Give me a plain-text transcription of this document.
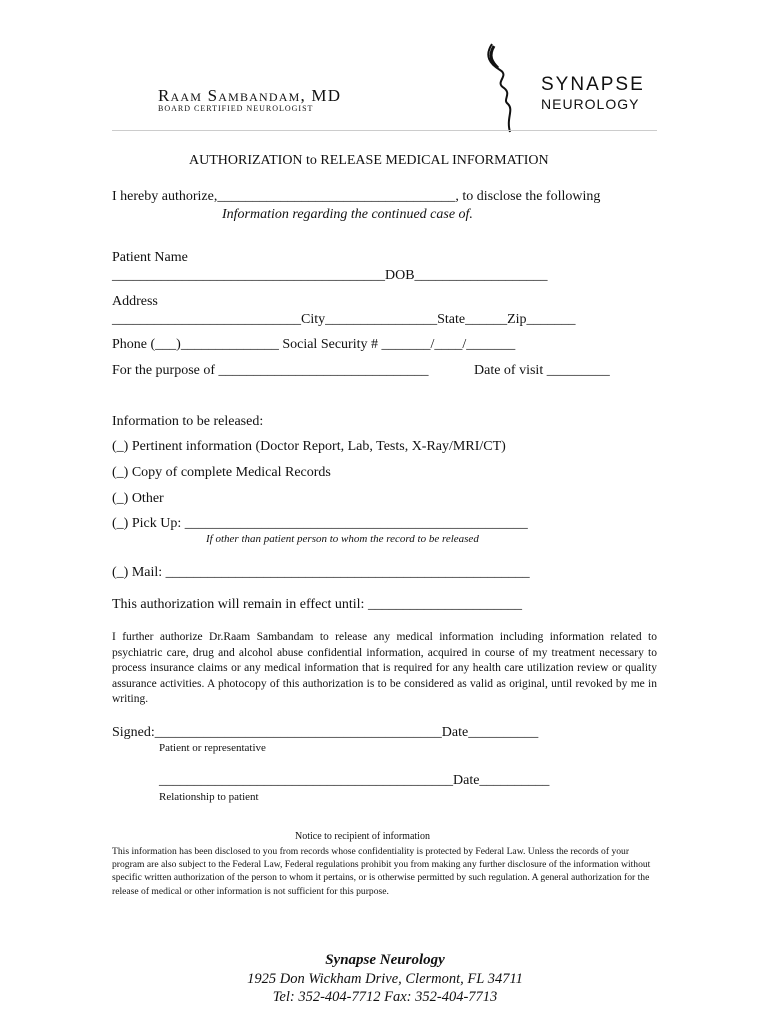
Raam Sambandam, MD
BOARD CERTIFIED NEUROLOGIST
SYNAPSE
NEUROLOGY
AUTHORIZATION to RELEASE MEDICAL INFORMATION
I hereby authorize,__________________________________, to disclose the following
Information regarding the continued case of.
Patient Name
_______________________________________DOB___________________
Address
___________________________City________________State______Zip_______
Phone (___)______________ Social Security # _______/____/_______
For the purpose of ______________________________	Date of visit _________
Information to be released:
(_) Pertinent information (Doctor Report, Lab, Tests, X-Ray/MRI/CT)
(_) Copy of complete Medical Records
(_) Other
(_) Pick Up: _________________________________________________
If other than patient person to whom the record to be released
(_) Mail: ____________________________________________________
This authorization will remain in effect until: ______________________
I further authorize Dr.Raam Sambandam to release any medical information including information related to psychiatric care, drug and alcohol abuse confidential information, acquired in course of my treatment necessary to process insurance claims or any medical information that is required for any health care utilization review or quality assurance activities. A photocopy of this authorization is to be considered as valid as original, until revoked by me in writing.
Signed:_________________________________________Date__________
Patient or representative
__________________________________________Date__________
Relationship to patient
Notice to recipient of information
This information has been disclosed to you from records whose confidentiality is protected by Federal Law. Unless the records of your program are also subject to the Federal Law, Federal regulations prohibit you from making any further disclosure of the information without specific written authorization of the person to whom it pertains, or is otherwise permitted by such regulation. A general authorization for the release of medical or other information is not sufficient for this purpose.
Synapse Neurology
1925 Don Wickham Drive, Clermont, FL 34711
Tel: 352-404-7712 Fax: 352-404-7713
